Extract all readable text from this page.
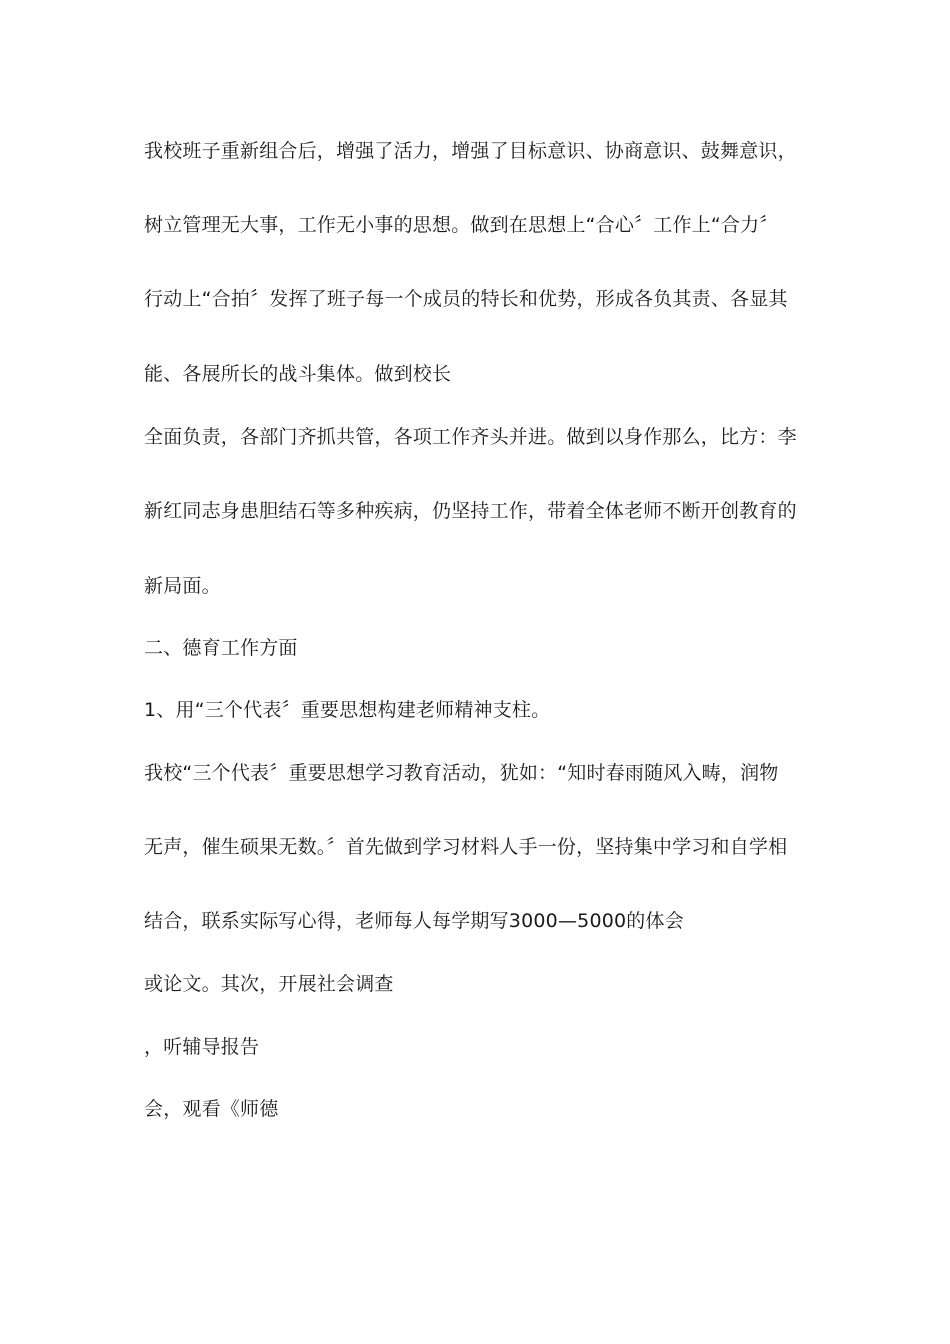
我校班子重新组合后，增强了活力，增强了目标意识、协商意识、鼓舞意识，
树立管理无大事，工作无小事的思想。做到在思想上“合心〞工作上“合力〞
行动上“合拍〞发挥了班子每一个成员的特长和优势，形成各负其责、各显其
能、各展所长的战斗集体。做到校长
全面负责，各部门齐抓共管，各项工作齐头并进。做到以身作那么，比方：李
新红同志身患胆结石等多种疾病，仍坚持工作，带着全体老师不断开创教育的
新局面。
二、德育工作方面
1、用“三个代表〞重要思想构建老师精神支柱。
我校“三个代表〞重要思想学习教育活动，犹如：“知时春雨随风入畴，润物
无声，催生硕果无数。〞首先做到学习材料人手一份，坚持集中学习和自学相
结合，联系实际写心得，老师每人每学期写3000—5000的体会
或论文。其次，开展社会调查
，听辅导报告
会，观看《师德
